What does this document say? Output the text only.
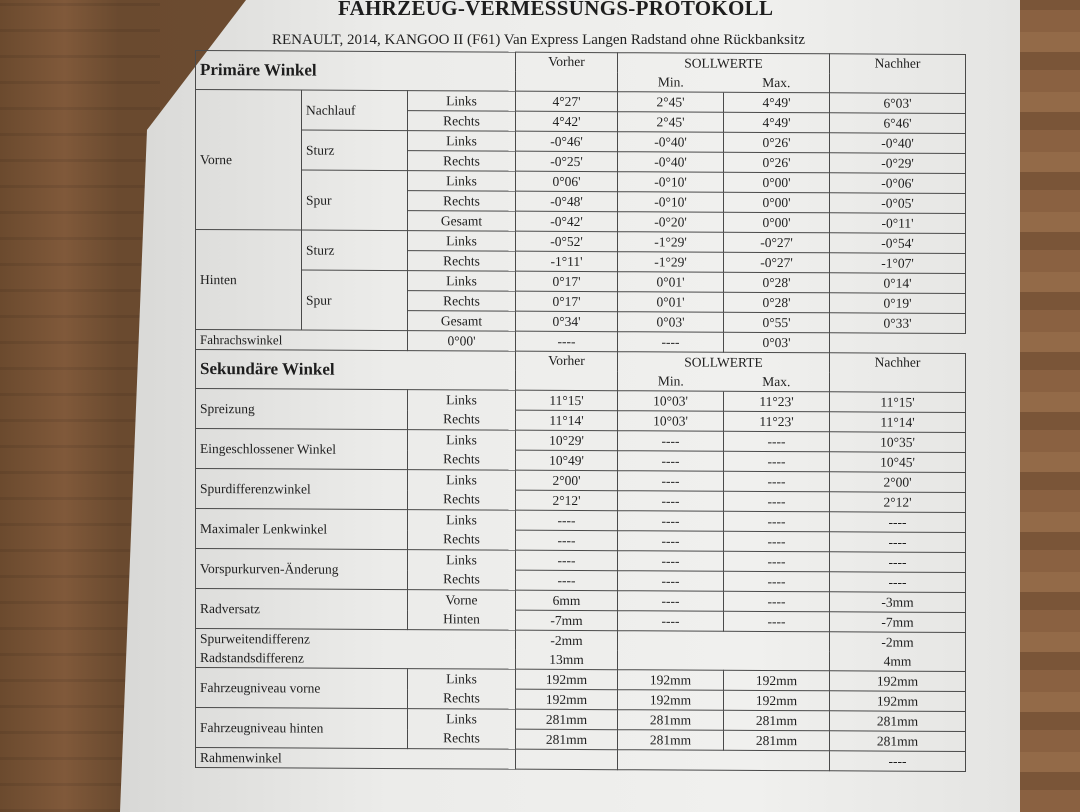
FAHRZEUG-VERMESSUNGS-PROTOKOLL
RENAULT, 2014, KANGOO II (F61) Van Express Langen Radstand ohne Rückbanksitz
Primäre Winkel			Vorher	SOLLWERTE		Nachher
				Min.	Max.	
Vorne	Nachlauf	Links	4°27'	2°45'	4°49'	6°03'
		Rechts	4°42'	2°45'	4°49'	6°46'
	Sturz	Links	-0°46'	-0°40'	0°26'	-0°40'
		Rechts	-0°25'	-0°40'	0°26'	-0°29'
	Spur	Links	0°06'	-0°10'	0°00'	-0°06'
		Rechts	-0°48'	-0°10'	0°00'	-0°05'
		Gesamt	-0°42'	-0°20'	0°00'	-0°11'
Hinten	Sturz	Links	-0°52'	-1°29'	-0°27'	-0°54'
		Rechts	-1°11'	-1°29'	-0°27'	-1°07'
	Spur	Links	0°17'	0°01'	0°28'	0°14'
		Rechts	0°17'	0°01'	0°28'	0°19'
		Gesamt	0°34'	0°03'	0°55'	0°33'
Fahrachswinkel		0°00'	----	----	0°03'	
Sekundäre Winkel			Vorher	SOLLWERTE		Nachher
				Min.	Max.	
Spreizung		Links	11°15'	10°03'	11°23'	11°15'
		Rechts	11°14'	10°03'	11°23'	11°14'
Eingeschlossener Winkel		Links	10°29'	----	----	10°35'
		Rechts	10°49'	----	----	10°45'
Spurdifferenzwinkel		Links	2°00'	----	----	2°00'
		Rechts	2°12'	----	----	2°12'
Maximaler Lenkwinkel		Links	----	----	----	----
		Rechts	----	----	----	----
Vorspurkurven-Änderung		Links	----	----	----	----
		Rechts	----	----	----	----
Radversatz		Vorne	6mm	----	----	-3mm
		Hinten	-7mm	----	----	-7mm
Spurweitendifferenz			-2mm			-2mm
Radstandsdifferenz			13mm			4mm
Fahrzeugniveau vorne		Links	192mm	192mm	192mm	192mm
		Rechts	192mm	192mm	192mm	192mm
Fahrzeugniveau hinten		Links	281mm	281mm	281mm	281mm
		Rechts	281mm	281mm	281mm	281mm
Rahmenwinkel						----
